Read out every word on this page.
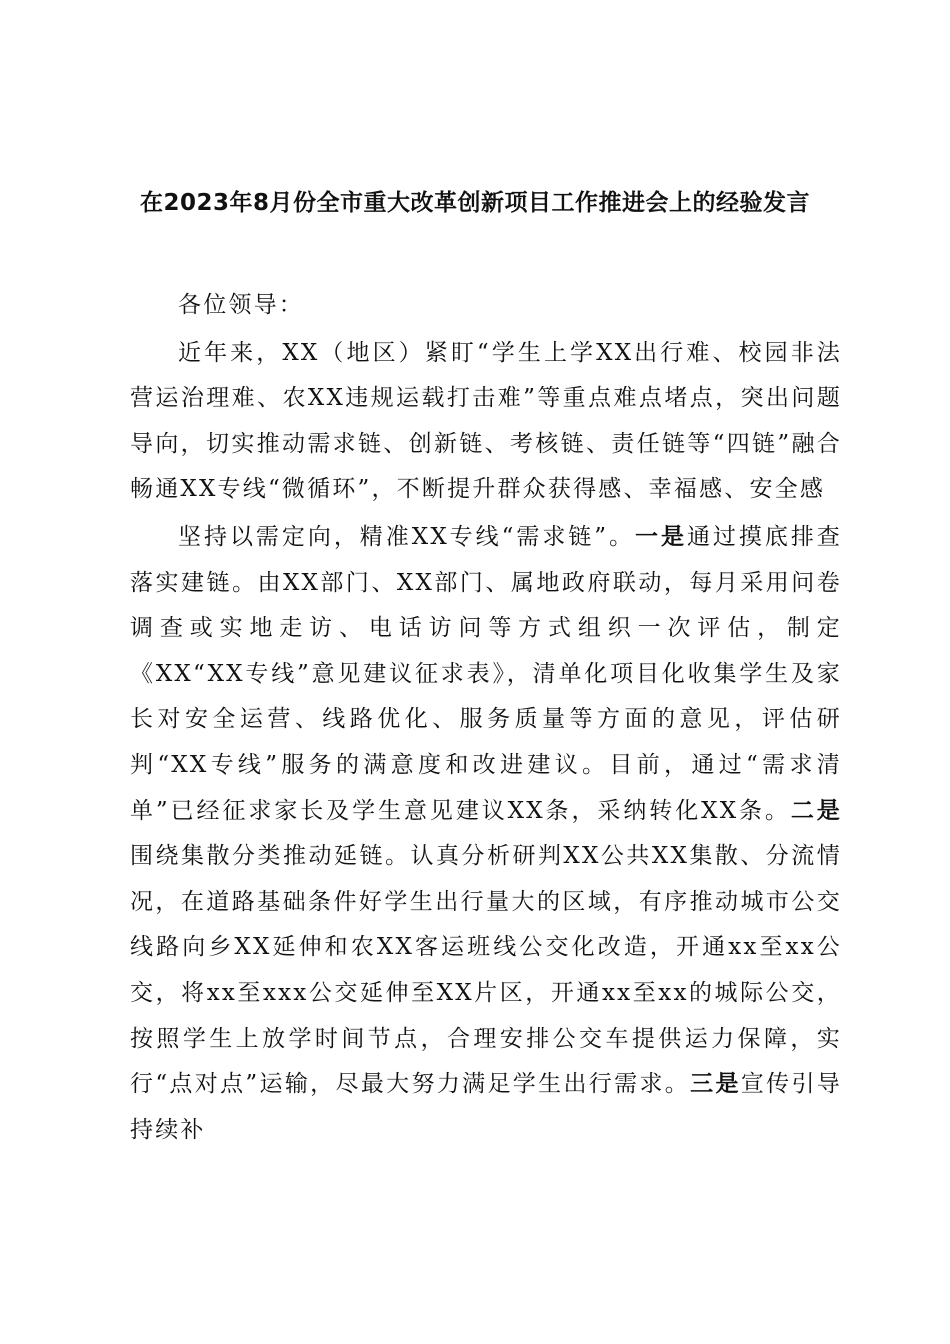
在2023年8月份全市重大改革创新项目工作推进会上的经验发言

各位领导：

近年来，XX（地区）紧盯“学生上学XX出行难、校园非法营运治理难、农XX违规运载打击难”等重点难点堵点，突出问题导向，切实推动需求链、创新链、考核链、责任链等“四链”融合畅通XX专线“微循环”，不断提升群众获得感、幸福感、安全感

坚持以需定向，精准XX专线“需求链”。一是通过摸底排查落实建链。由XX部门、XX部门、属地政府联动，每月采用问卷调查或实地走访、电话访问等方式组织一次评估，制定《XX“XX专线”意见建议征求表》，清单化项目化收集学生及家长对安全运营、线路优化、服务质量等方面的意见，评估研判“XX专线”服务的满意度和改进建议。目前，通过“需求清单”已经征求家长及学生意见建议XX条，采纳转化XX条。二是围绕集散分类推动延链。认真分析研判XX公共XX集散、分流情况，在道路基础条件好学生出行量大的区域，有序推动城市公交线路向乡XX延伸和农XX客运班线公交化改造，开通xx至xx公交，将xx至xxx公交延伸至XX片区，开通xx至xx的城际公交，按照学生上放学时间节点，合理安排公交车提供运力保障，实行“点对点”运输，尽最大努力满足学生出行需求。三是宣传引导持续补
